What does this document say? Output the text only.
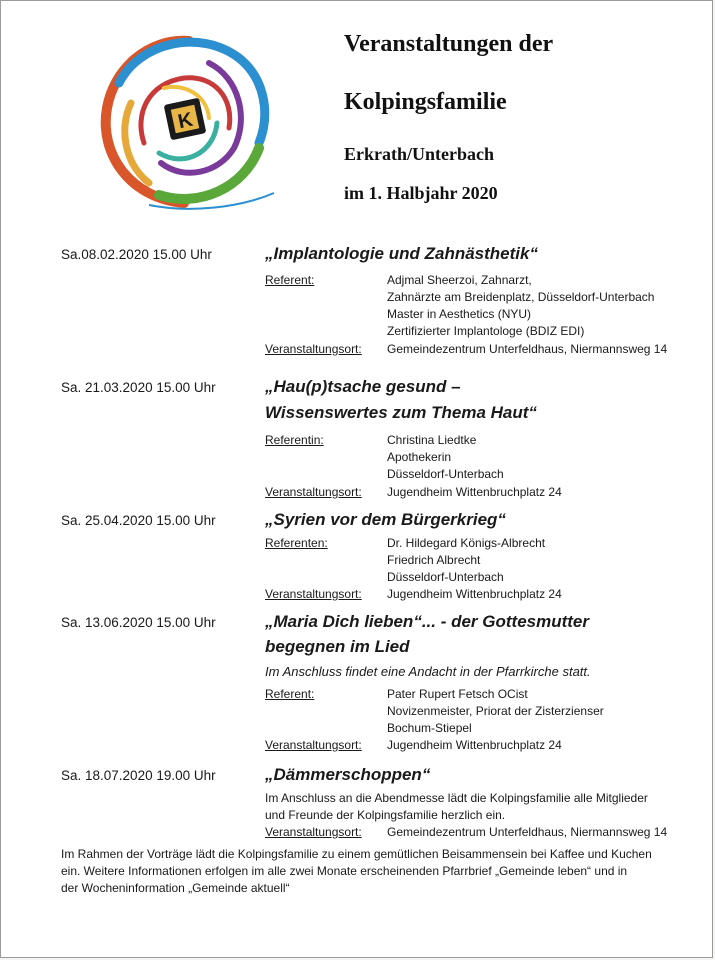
K
Veranstaltungen der
Kolpingsfamilie
Erkrath/Unterbach
im 1. Halbjahr 2020
Sa.08.02.2020 15.00 Uhr	„Implantologie und Zahnästhetik“
Referent:	Adjmal Sheerzoi, Zahnarzt,
Zahnärzte am Breidenplatz, Düsseldorf-Unterbach
Master in Aesthetics (NYU)
Zertifizierter Implantologe (BDIZ EDI)
Veranstaltungsort: Gemeindezentrum Unterfeldhaus, Niermannsweg 14
Sa. 21.03.2020 15.00 Uhr	„Hau(p)tsache gesund –
Wissenswertes zum Thema Haut“
Referentin:	Christina Liedtke
Apothekerin
Düsseldorf-Unterbach
Veranstaltungsort: Jugendheim Wittenbruchplatz 24
Sa. 25.04.2020 15.00 Uhr	„Syrien vor dem Bürgerkrieg“
Referenten:	Dr. Hildegard Königs-Albrecht
Friedrich Albrecht
Düsseldorf-Unterbach
Veranstaltungsort: Jugendheim Wittenbruchplatz 24
Sa. 13.06.2020 15.00 Uhr	„Maria Dich lieben“... - der Gottesmutter
begegnen im Lied
Im Anschluss findet eine Andacht in der Pfarrkirche statt.
Referent:	Pater Rupert Fetsch OCist
Novizenmeister, Priorat der Zisterzienser
Bochum-Stiepel
Veranstaltungsort: Jugendheim Wittenbruchplatz 24
Sa. 18.07.2020 19.00 Uhr	„Dämmerschoppen“
Im Anschluss an die Abendmesse lädt die Kolpingsfamilie alle Mitglieder
und Freunde der Kolpingsfamilie herzlich ein.
Veranstaltungsort: Gemeindezentrum Unterfeldhaus, Niermannsweg 14
Im Rahmen der Vorträge lädt die Kolpingsfamilie zu einem gemütlichen Beisammensein bei Kaffee und Kuchen
ein. Weitere Informationen erfolgen im alle zwei Monate erscheinenden Pfarrbrief „Gemeinde leben“ und in
der Wocheninformation „Gemeinde aktuell“
